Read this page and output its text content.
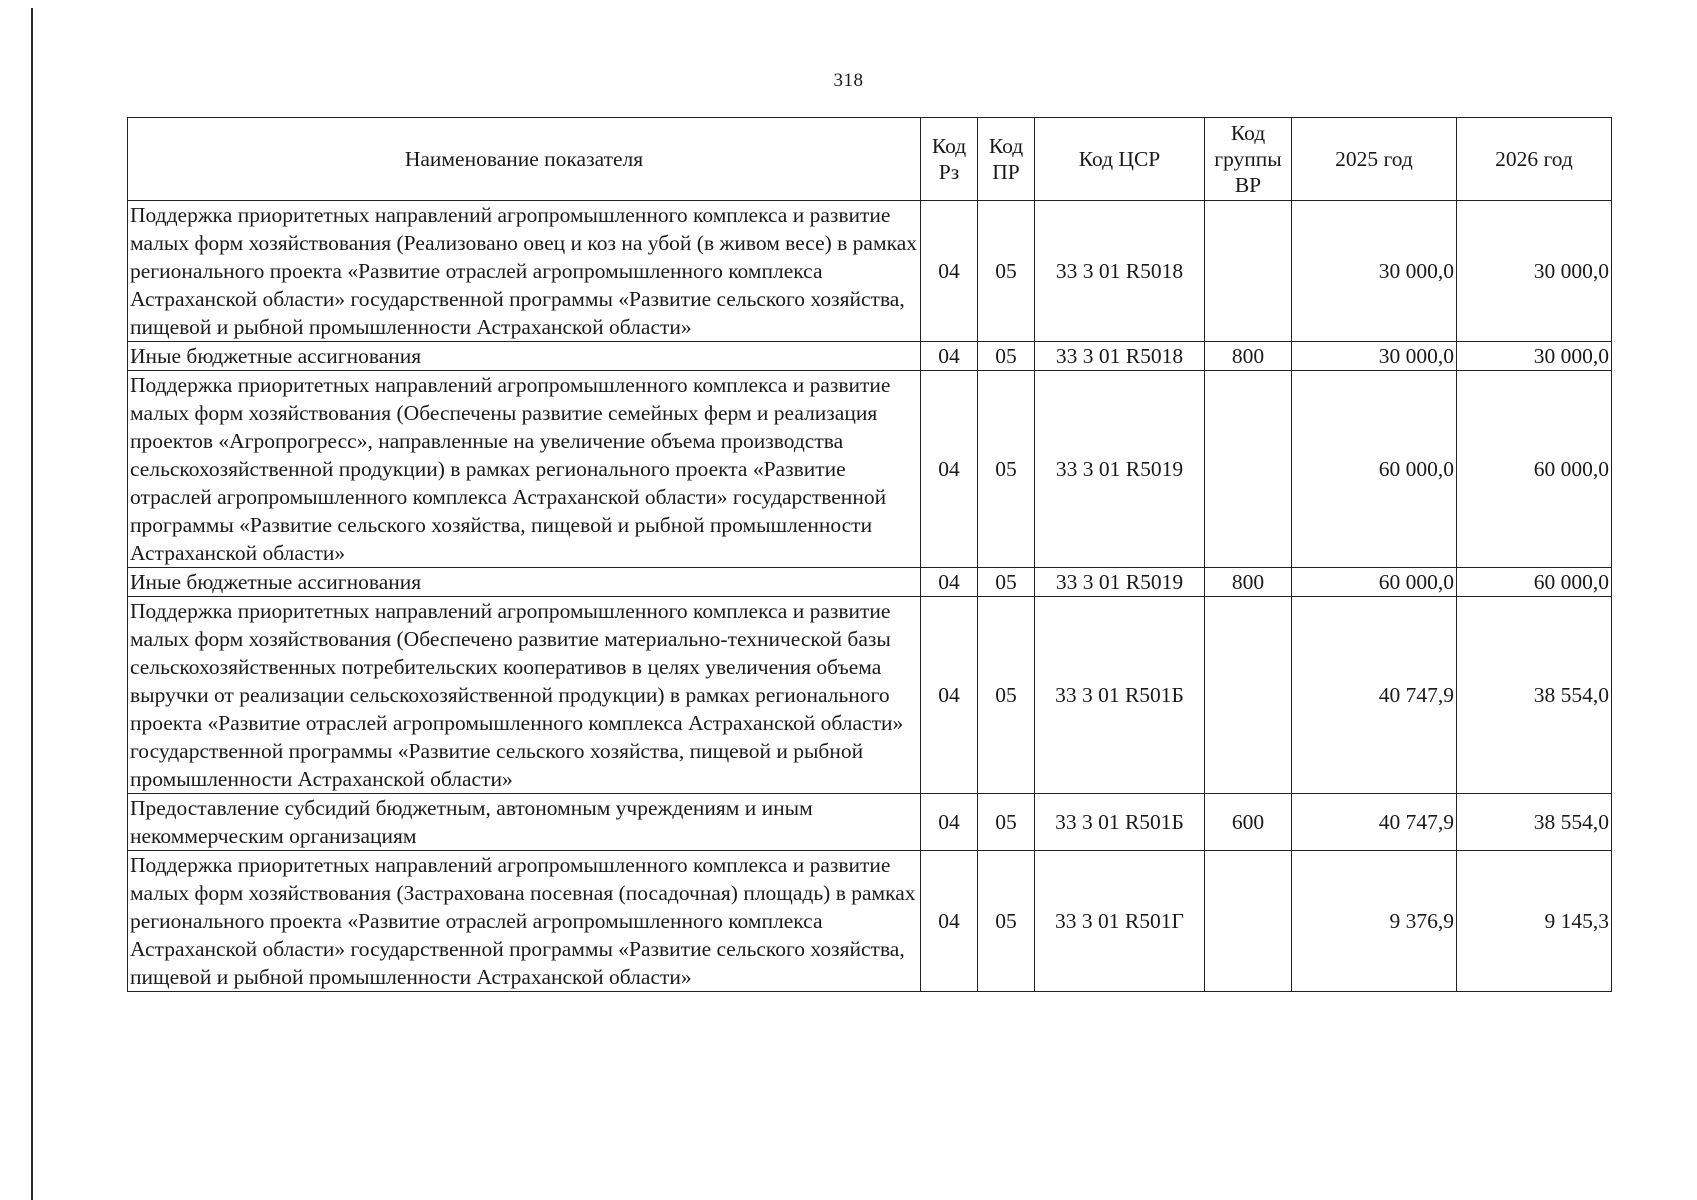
318
Наименование показателя	Код Рз	Код ПР	Код ЦСР	Код группы ВР	2025 год	2026 год
Поддержка приоритетных направлений агропромышленного комплекса и развитие малых форм хозяйствования (Реализовано овец и коз на убой (в живом весе) в рамках регионального проекта «Развитие отраслей агропромышленного комплекса Астраханской области» государственной программы «Развитие сельского хозяйства, пищевой и рыбной промышленности Астраханской области»	04	05	33 3 01 R5018		30 000,0	30 000,0
Иные бюджетные ассигнования	04	05	33 3 01 R5018	800	30 000,0	30 000,0
Поддержка приоритетных направлений агропромышленного комплекса и развитие малых форм хозяйствования (Обеспечены развитие семейных ферм и реализация проектов «Агропрогресс», направленные на увеличение объема производства сельскохозяйственной продукции) в рамках регионального проекта «Развитие отраслей агропромышленного комплекса Астраханской области» государственной программы «Развитие сельского хозяйства, пищевой и рыбной промышленности Астраханской области»	04	05	33 3 01 R5019		60 000,0	60 000,0
Иные бюджетные ассигнования	04	05	33 3 01 R5019	800	60 000,0	60 000,0
Поддержка приоритетных направлений агропромышленного комплекса и развитие малых форм хозяйствования (Обеспечено развитие материально-технической базы сельскохозяйственных потребительских кооперативов в целях увеличения объема выручки от реализации сельскохозяйственной продукции) в рамках регионального проекта «Развитие отраслей агропромышленного комплекса Астраханской области» государственной программы «Развитие сельского хозяйства, пищевой и рыбной промышленности Астраханской области»	04	05	33 3 01 R501Б		40 747,9	38 554,0
Предоставление субсидий бюджетным, автономным учреждениям и иным некоммерческим организациям	04	05	33 3 01 R501Б	600	40 747,9	38 554,0
Поддержка приоритетных направлений агропромышленного комплекса и развитие малых форм хозяйствования (Застрахована посевная (посадочная) площадь) в рамках регионального проекта «Развитие отраслей агропромышленного комплекса Астраханской области» государственной программы «Развитие сельского хозяйства, пищевой и рыбной промышленности Астраханской области»	04	05	33 3 01 R501Г		9 376,9	9 145,3
